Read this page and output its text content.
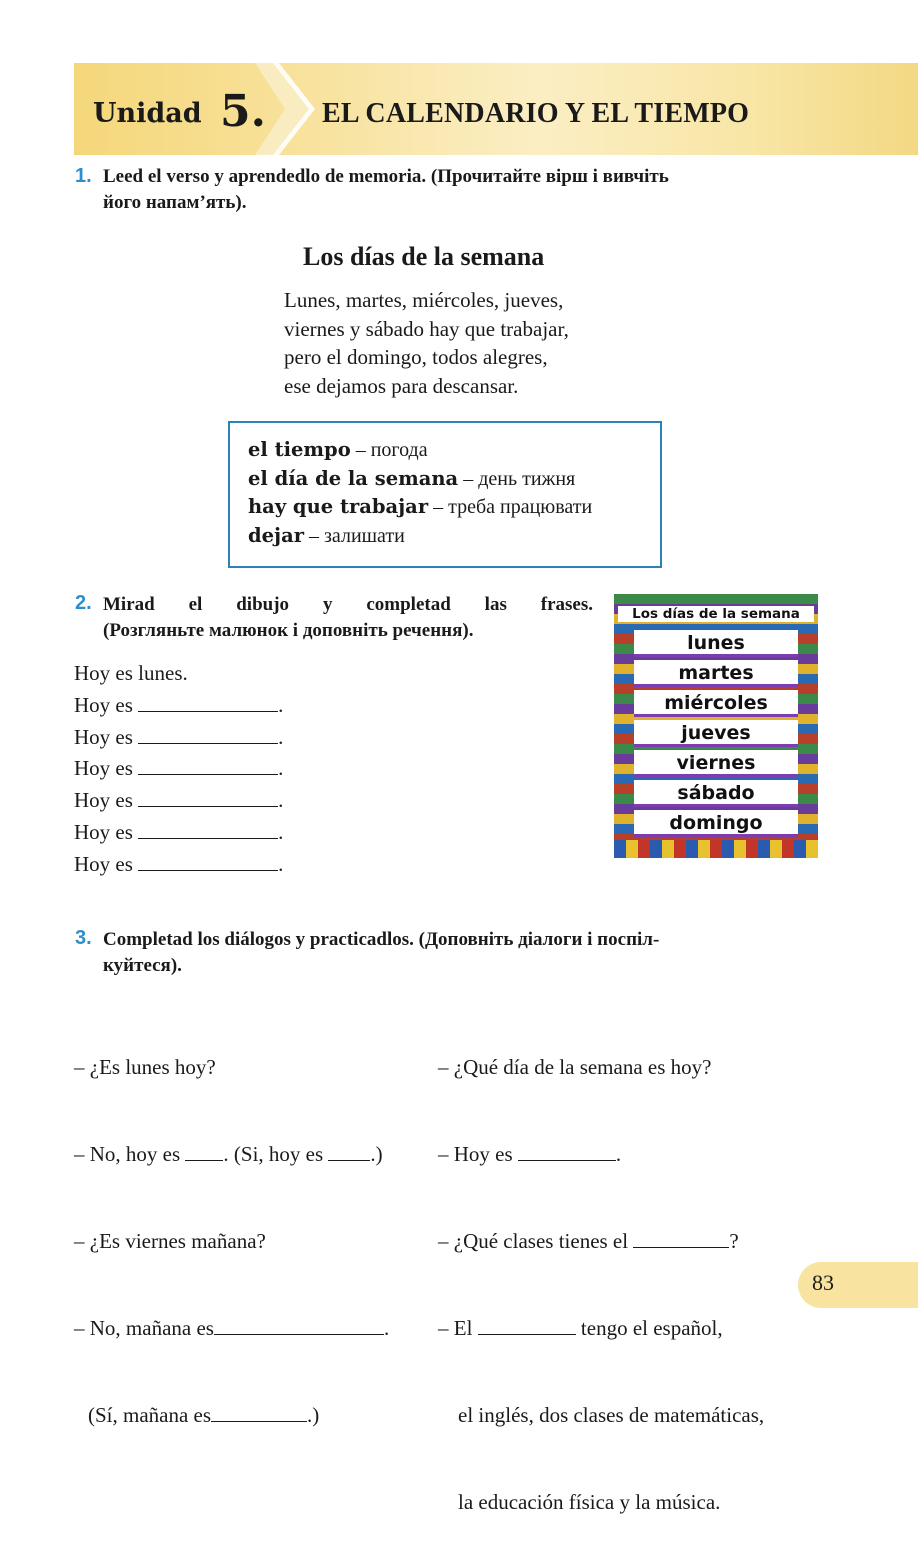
Unidad 5. EL CALENDARIO Y EL TIEMPO
1. Leed el verso y aprendedlo de memoria. (Прочитайте вірш і вивчіть
його напам’ять).
Los días de la semana
Lunes, martes, miércoles, jueves,
viernes y sábado hay que trabajar,
pero el domingo, todos alegres,
ese dejamos para descansar.
el tiempo – погода
el día de la semana – день тижня
hay que trabajar – треба працювати
dejar – залишати
2. Mirad el dibujo y completad las frases.
(Розгляньте малюнок і доповніть речення).
Hoy es lunes.
Hoy es	.
Hoy es	.
Hoy es	.
Hoy es	.
Hoy es	.
Hoy es	.
Los días de la semana
lunes
martes
miércoles
jueves
viernes
sábado
domingo
3. Completad los diálogos y practicadlos. (Доповніть діалоги і поспіл-
куйтеся).

– ¿Es lunes hoy?

– No, hoy es . (Si, hoy es .)

– ¿Es viernes mañana?

– No, mañana es	.

(Sí, mañana es	.)

– ¿Qué día de la semana es hoy?

– Hoy es	.

– ¿Qué clases tienes el	?

– El	tengo el español,

el inglés, dos clases de matemáticas,

la educación física y la música.

83
